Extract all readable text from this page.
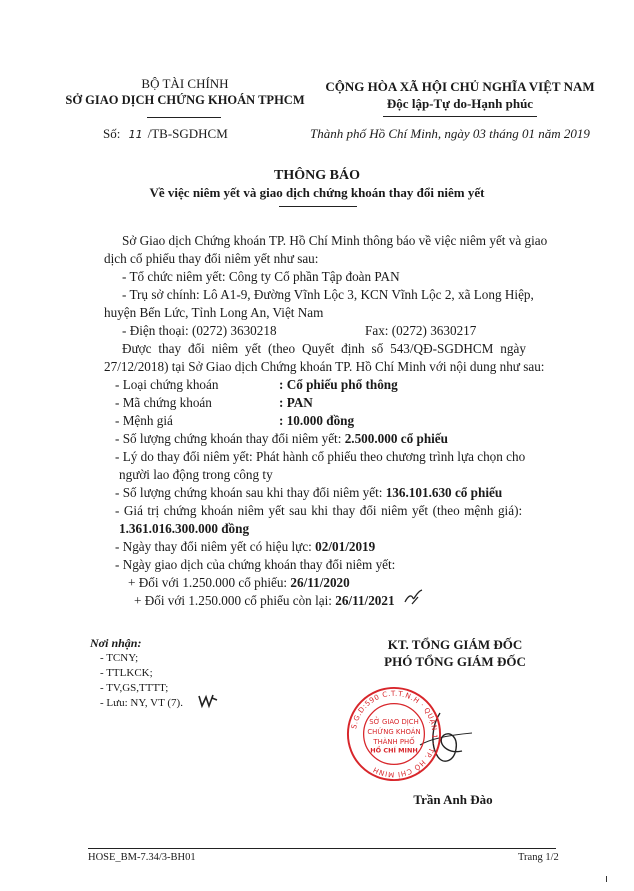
BỘ TÀI CHÍNH
SỞ GIAO DỊCH CHỨNG KHOÁN TPHCM
Số: 11 /TB-SGDHCM
CỘNG HÒA XÃ HỘI CHỦ NGHĨA VIỆT NAM
Độc lập-Tự do-Hạnh phúc
Thành phố Hồ Chí Minh, ngày 03 tháng 01 năm 2019
THÔNG BÁO
Về việc niêm yết và giao dịch chứng khoán thay đổi niêm yết
Sở Giao dịch Chứng khoán TP. Hồ Chí Minh thông báo về việc niêm yết và giao
dịch cổ phiếu thay đổi niêm yết như sau:
- Tổ chức niêm yết: Công ty Cổ phần Tập đoàn PAN
- Trụ sở chính: Lô A1-9, Đường Vĩnh Lộc 3, KCN Vĩnh Lộc 2, xã Long Hiệp,
huyện Bến Lức, Tỉnh Long An, Việt Nam
- Điện thoại: (0272) 3630218	Fax: (0272) 3630217
Được thay đổi niêm yết (theo Quyết định số 543/QĐ-SGDHCM ngày
27/12/2018) tại Sở Giao dịch Chứng khoán TP. Hồ Chí Minh với nội dung như sau:
- Loại chứng khoán	: Cổ phiếu phổ thông
- Mã chứng khoán	: PAN
- Mệnh giá	: 10.000 đồng
- Số lượng chứng khoán thay đổi niêm yết: 2.500.000 cổ phiếu
- Lý do thay đổi niêm yết: Phát hành cổ phiếu theo chương trình lựa chọn cho
người lao động trong công ty
- Số lượng chứng khoán sau khi thay đổi niêm yết: 136.101.630 cổ phiếu
- Giá trị chứng khoán niêm yết sau khi thay đổi niêm yết (theo mệnh giá):
1.361.016.300.000 đồng
- Ngày thay đổi niêm yết có hiệu lực: 02/01/2019
- Ngày giao dịch của chứng khoán thay đổi niêm yết:
+ Đối với 1.250.000 cổ phiếu: 26/11/2020
+ Đối với 1.250.000 cổ phiếu còn lại: 26/11/2021
Nơi nhận:
- TCNY;
- TTLKCK;
- TV,GS,TTTT;
- Lưu: NY, VT (7).
KT. TỔNG GIÁM ĐỐC
PHÓ TỔNG GIÁM ĐỐC
S.G.D:590 C.T.T.N.H · QUẬN 1 · TP. HỒ CHÍ MINH
SỞ GIAO DỊCH
CHỨNG KHOÁN
THÀNH PHỐ
HỒ CHÍ MINH
Trần Anh Đào
HOSE_BM-7.34/3-BH01	Trang 1/2
